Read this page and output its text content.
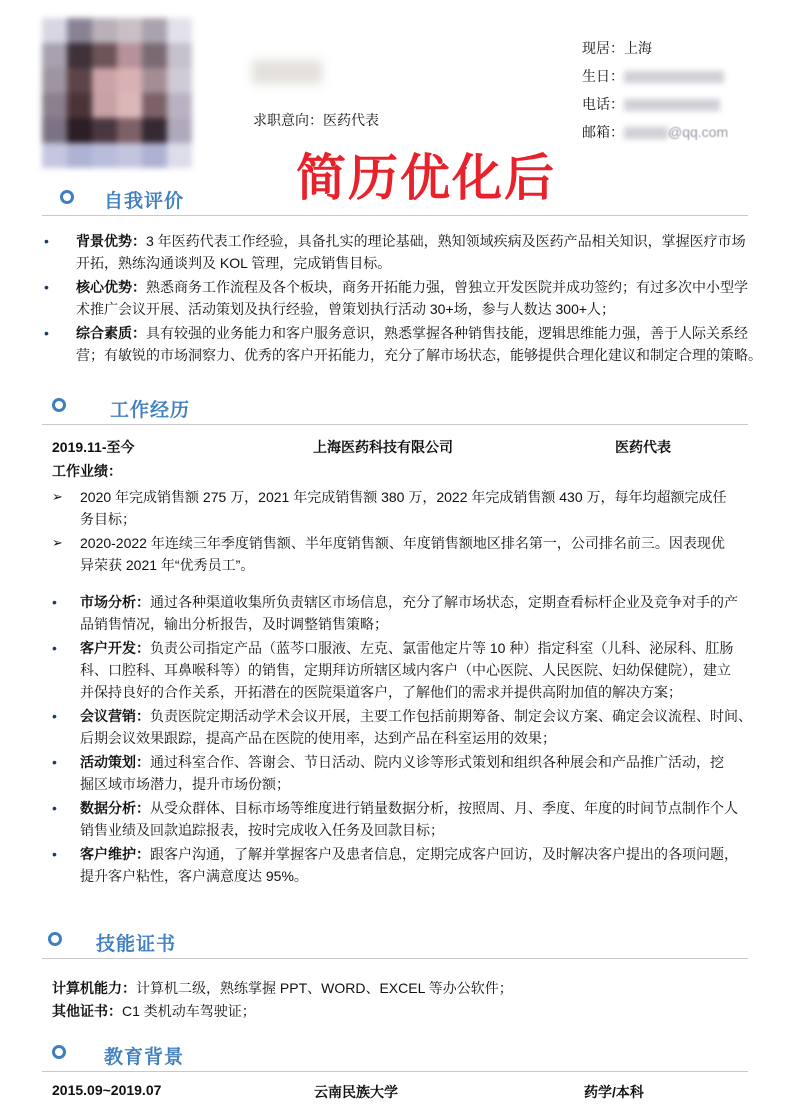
求职意向：医药代表
现居：上海
生日：
电话：
邮箱：	@qq.com
简历优化后
自我评价
• 背景优势：3 年医药代表工作经验，具备扎实的理论基础，熟知领域疾病及医药产品相关知识，掌握医疗市场
开拓，熟练沟通谈判及 KOL 管理，完成销售目标。
• 核心优势：熟悉商务工作流程及各个板块，商务开拓能力强，曾独立开发医院并成功签约；有过多次中小型学
术推广会议开展、活动策划及执行经验，曾策划执行活动 30+场，参与人数达 300+人；
• 综合素质：具有较强的业务能力和客户服务意识，熟悉掌握各种销售技能，逻辑思维能力强，善于人际关系经
营；有敏锐的市场洞察力、优秀的客户开拓能力，充分了解市场状态，能够提供合理化建议和制定合理的策略。
工作经历
2019.11-至今	上海医药科技有限公司	医药代表
工作业绩：
➢ 2020 年完成销售额 275 万，2021 年完成销售额 380 万，2022 年完成销售额 430 万，每年均超额完成任
务目标；
➢ 2020-2022 年连续三年季度销售额、半年度销售额、年度销售额地区排名第一，公司排名前三。因表现优
异荣获 2021 年“优秀员工”。
• 市场分析：通过各种渠道收集所负责辖区市场信息，充分了解市场状态，定期查看标杆企业及竞争对手的产
品销售情况，输出分析报告，及时调整销售策略；
• 客户开发：负责公司指定产品（蓝芩口服液、左克、氯雷他定片等 10 种）指定科室（儿科、泌尿科、肛肠
科、口腔科、耳鼻喉科等）的销售，定期拜访所辖区域内客户（中心医院、人民医院、妇幼保健院），建立
并保持良好的合作关系，开拓潜在的医院渠道客户，了解他们的需求并提供高附加值的解决方案；
• 会议营销：负责医院定期活动学术会议开展，主要工作包括前期筹备、制定会议方案、确定会议流程、时间、
后期会议效果跟踪，提高产品在医院的使用率，达到产品在科室运用的效果；
• 活动策划：通过科室合作、答谢会、节日活动、院内义诊等形式策划和组织各种展会和产品推广活动，挖
掘区域市场潜力，提升市场份额；
• 数据分析：从受众群体、目标市场等维度进行销量数据分析，按照周、月、季度、年度的时间节点制作个人
销售业绩及回款追踪报表，按时完成收入任务及回款目标；
• 客户维护：跟客户沟通，了解并掌握客户及患者信息，定期完成客户回访，及时解决客户提出的各项问题，
提升客户粘性，客户满意度达 95%。
技能证书
计算机能力：计算机二级，熟练掌握 PPT、WORD、EXCEL 等办公软件；
其他证书：C1 类机动车驾驶证；
教育背景
2015.09~2019.07	云南民族大学	药学/本科
